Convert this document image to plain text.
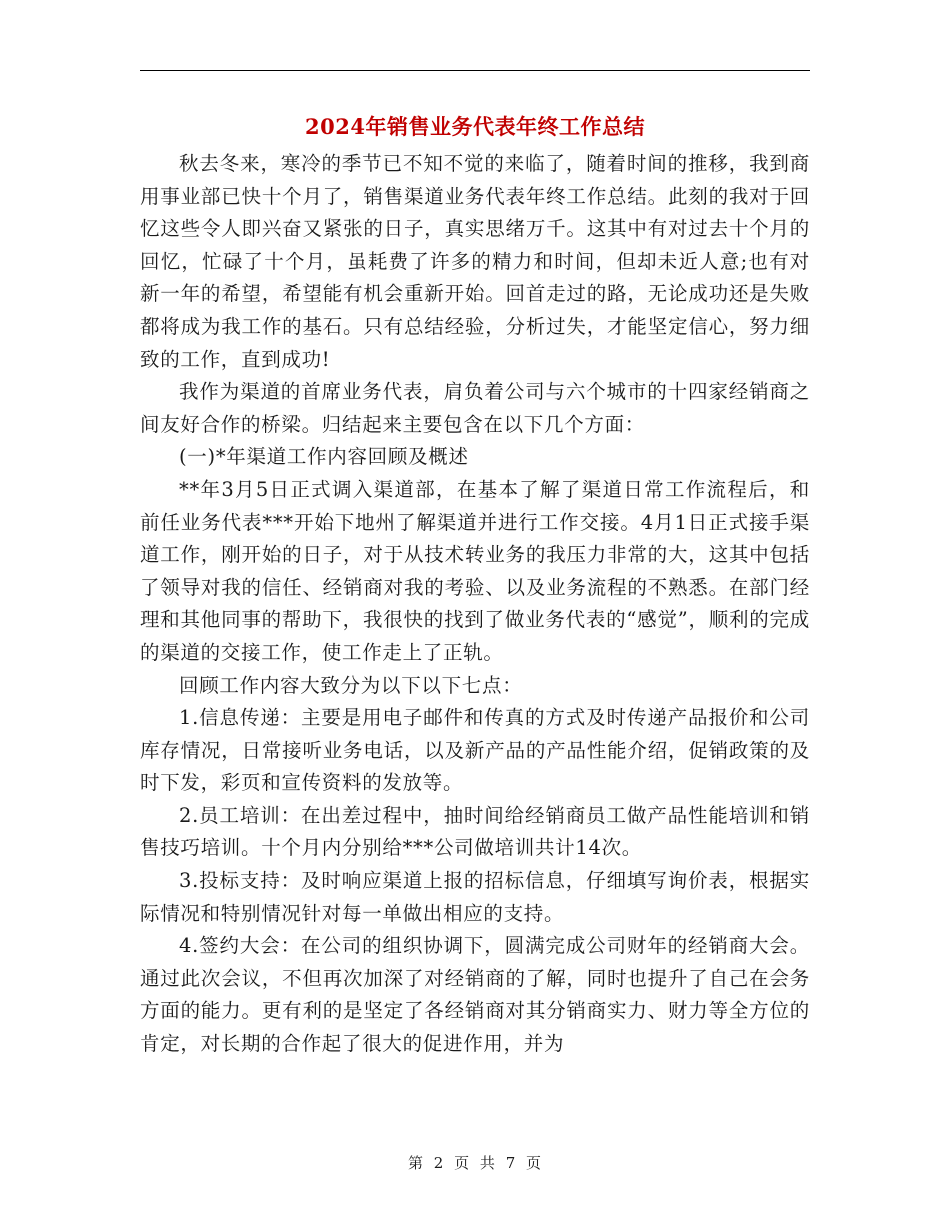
2024年销售业务代表年终工作总结

秋去冬来，寒冷的季节已不知不觉的来临了，随着时间的推移，我到商用事业部已快十个月了，销售渠道业务代表年终工作总结。此刻的我对于回忆这些令人即兴奋又紧张的日子，真实思绪万千。这其中有对过去十个月的回忆，忙碌了十个月，虽耗费了许多的精力和时间，但却未近人意;也有对新一年的希望，希望能有机会重新开始。回首走过的路，无论成功还是失败都将成为我工作的基石。只有总结经验，分析过失，才能坚定信心，努力细致的工作，直到成功!

我作为渠道的首席业务代表，肩负着公司与六个城市的十四家经销商之间友好合作的桥梁。归结起来主要包含在以下几个方面：

(一)*年渠道工作内容回顾及概述

**年3月5日正式调入渠道部，在基本了解了渠道日常工作流程后，和前任业务代表***开始下地州了解渠道并进行工作交接。4月1日正式接手渠道工作，刚开始的日子，对于从技术转业务的我压力非常的大，这其中包括了领导对我的信任、经销商对我的考验、以及业务流程的不熟悉。在部门经理和其他同事的帮助下，我很快的找到了做业务代表的“感觉”，顺利的完成的渠道的交接工作，使工作走上了正轨。

回顾工作内容大致分为以下以下七点：

1.信息传递：主要是用电子邮件和传真的方式及时传递产品报价和公司库存情况，日常接听业务电话，以及新产品的产品性能介绍，促销政策的及时下发，彩页和宣传资料的发放等。

2.员工培训：在出差过程中，抽时间给经销商员工做产品性能培训和销售技巧培训。十个月内分别给***公司做培训共计14次。

3.投标支持：及时响应渠道上报的招标信息，仔细填写询价表，根据实际情况和特别情况针对每一单做出相应的支持。

4.签约大会：在公司的组织协调下，圆满完成公司财年的经销商大会。通过此次会议，不但再次加深了对经销商的了解，同时也提升了自己在会务方面的能力。更有利的是坚定了各经销商对其分销商实力、财力等全方位的肯定，对长期的合作起了很大的促进作用，并为

第 2 页 共 7 页
